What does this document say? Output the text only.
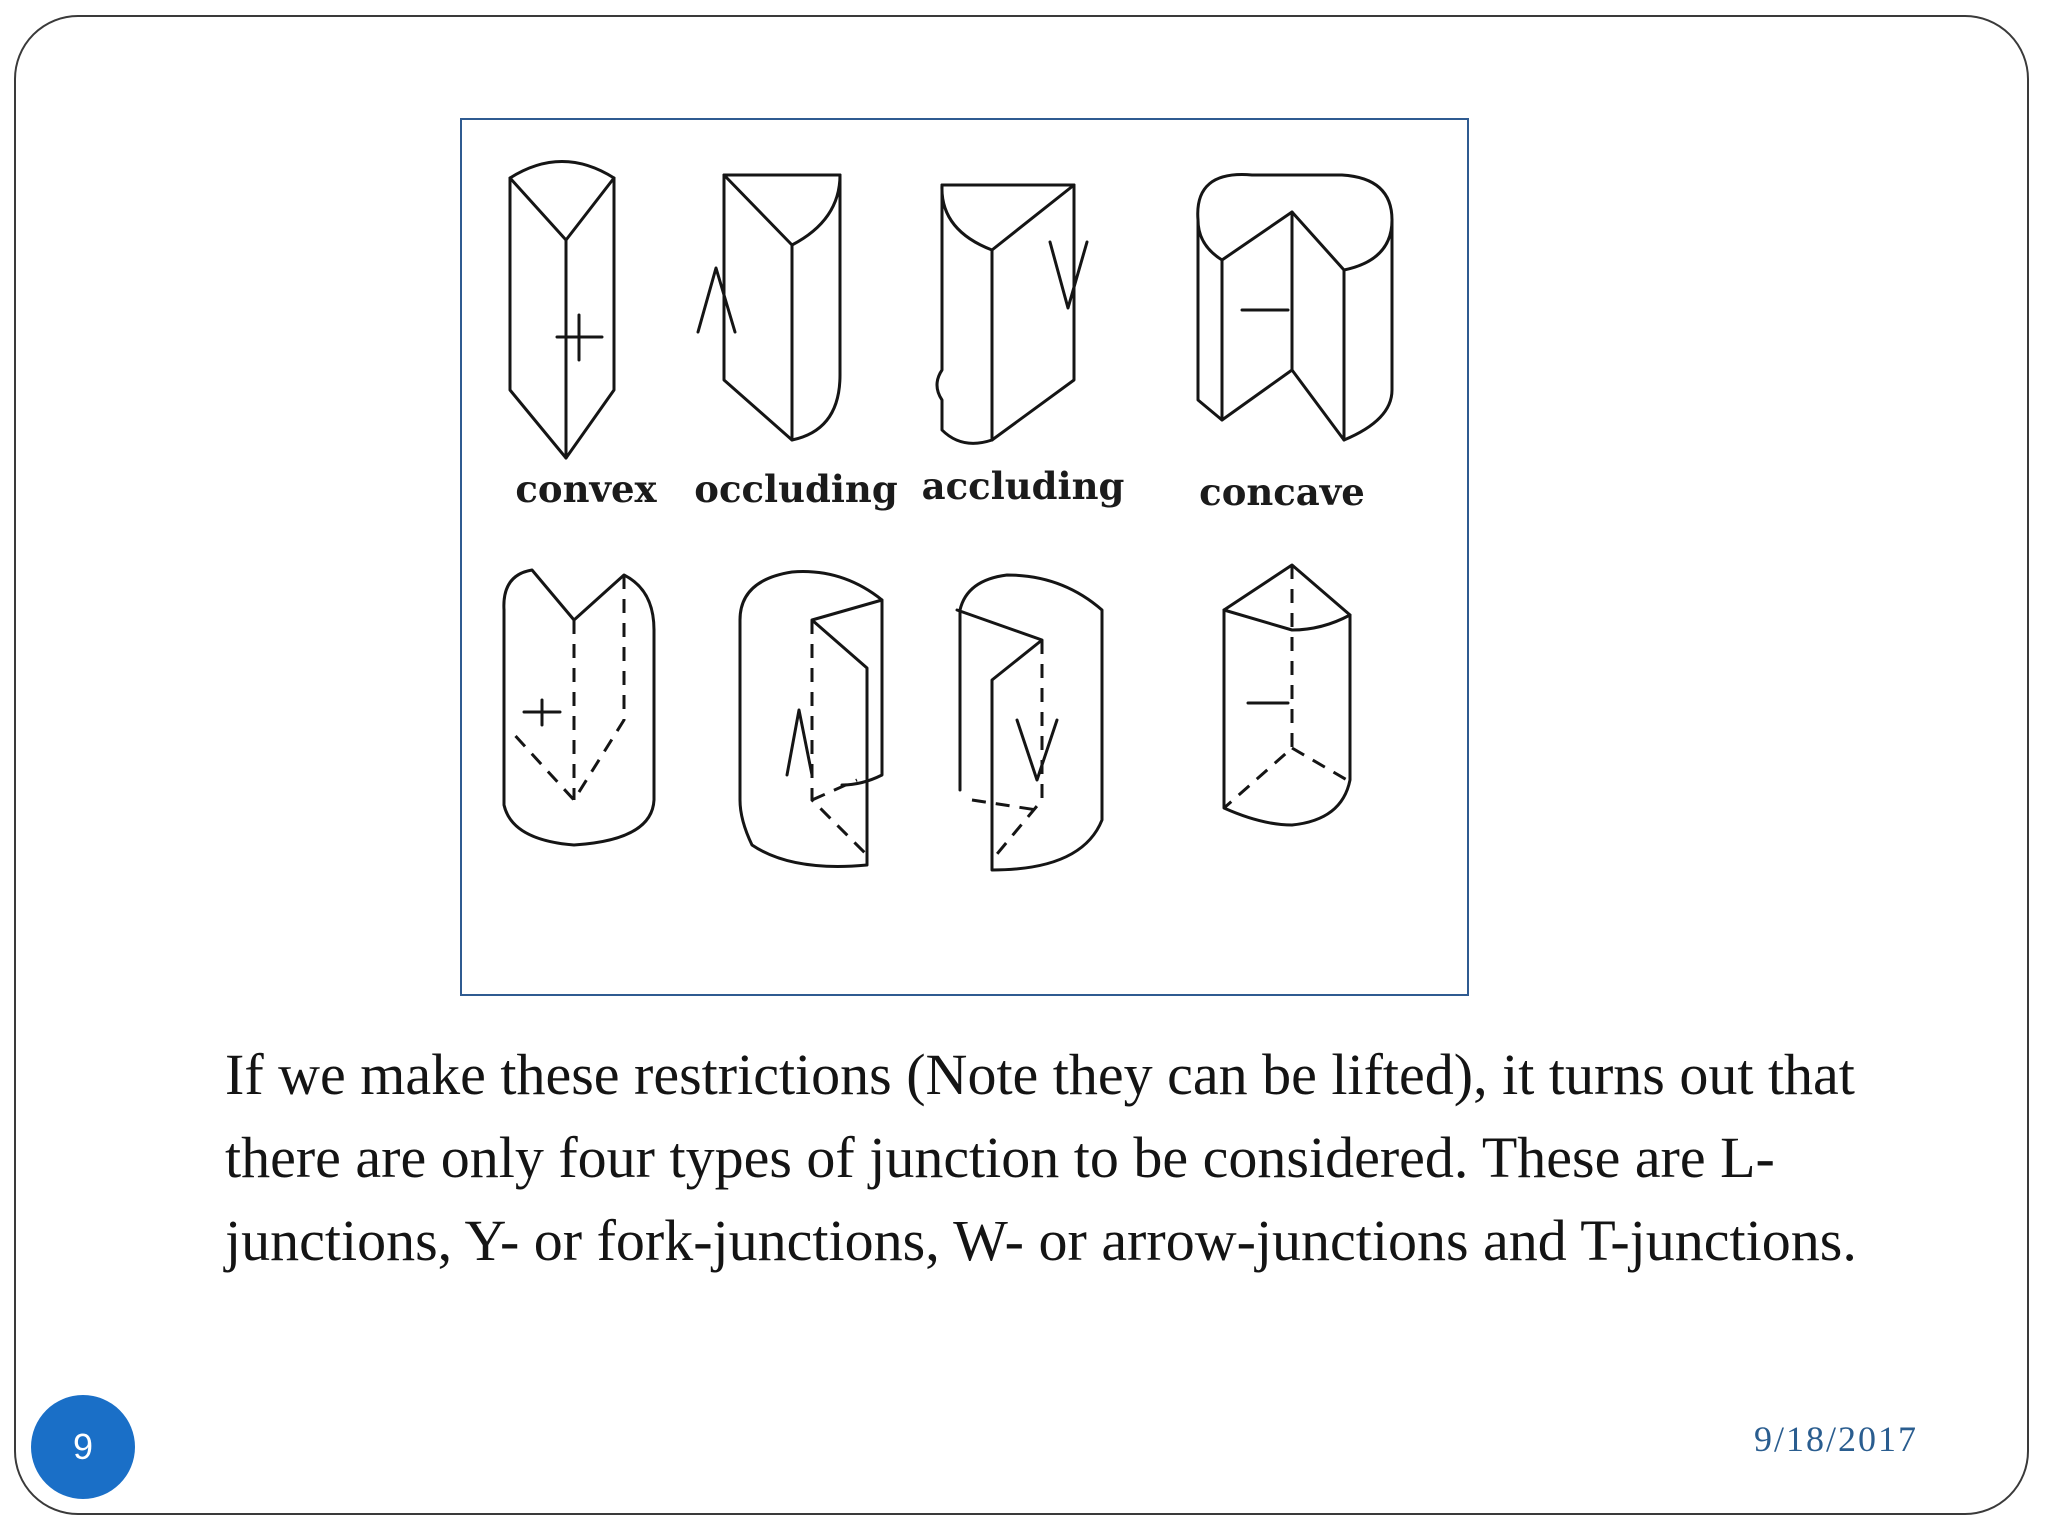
convex occluding accluding concave
If we make these restrictions (Note they can be lifted), it turns out that there are only four types of junction to be considered. These are L-junctions, Y- or fork-junctions, W- or arrow-junctions and T-junctions.
9	9/18/2017
